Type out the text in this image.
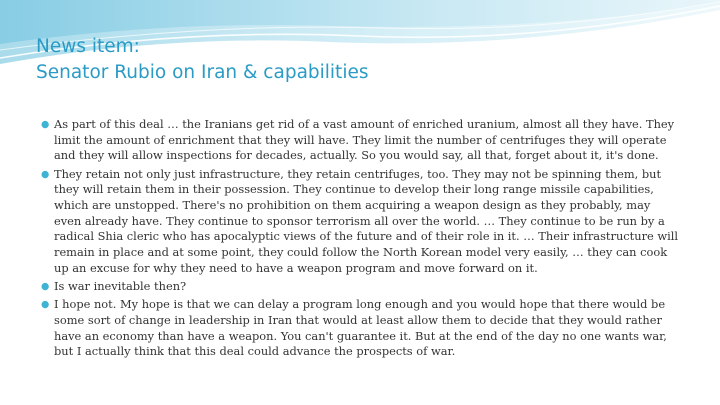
News item:
Senator Rubio on Iran & capabilities
● As part of this deal … the Iranians get rid of a vast amount of enriched uranium, almost all they have. They limit the amount of enrichment that they will have. They limit the number of centrifuges they will operate and they will allow inspections for decades, actually. So you would say, all that, forget about it, it's done.
● They retain not only just infrastructure, they retain centrifuges, too. They may not be spinning them, but they will retain them in their possession. They continue to develop their long range missile capabilities, which are unstopped. There's no prohibition on them acquiring a weapon design as they probably, may even already have. They continue to sponsor terrorism all over the world. … They continue to be run by a radical Shia cleric who has apocalyptic views of the future and of their role in it. … Their infrastructure will remain in place and at some point, they could follow the North Korean model very easily, … they can cook up an excuse for why they need to have a weapon program and move forward on it.
● Is war inevitable then?
● I hope not. My hope is that we can delay a program long enough and you would hope that there would be some sort of change in leadership in Iran that would at least allow them to decide that they would rather have an economy than have a weapon. You can't guarantee it. But at the end of the day no one wants war, but I actually think that this deal could advance the prospects of war.
